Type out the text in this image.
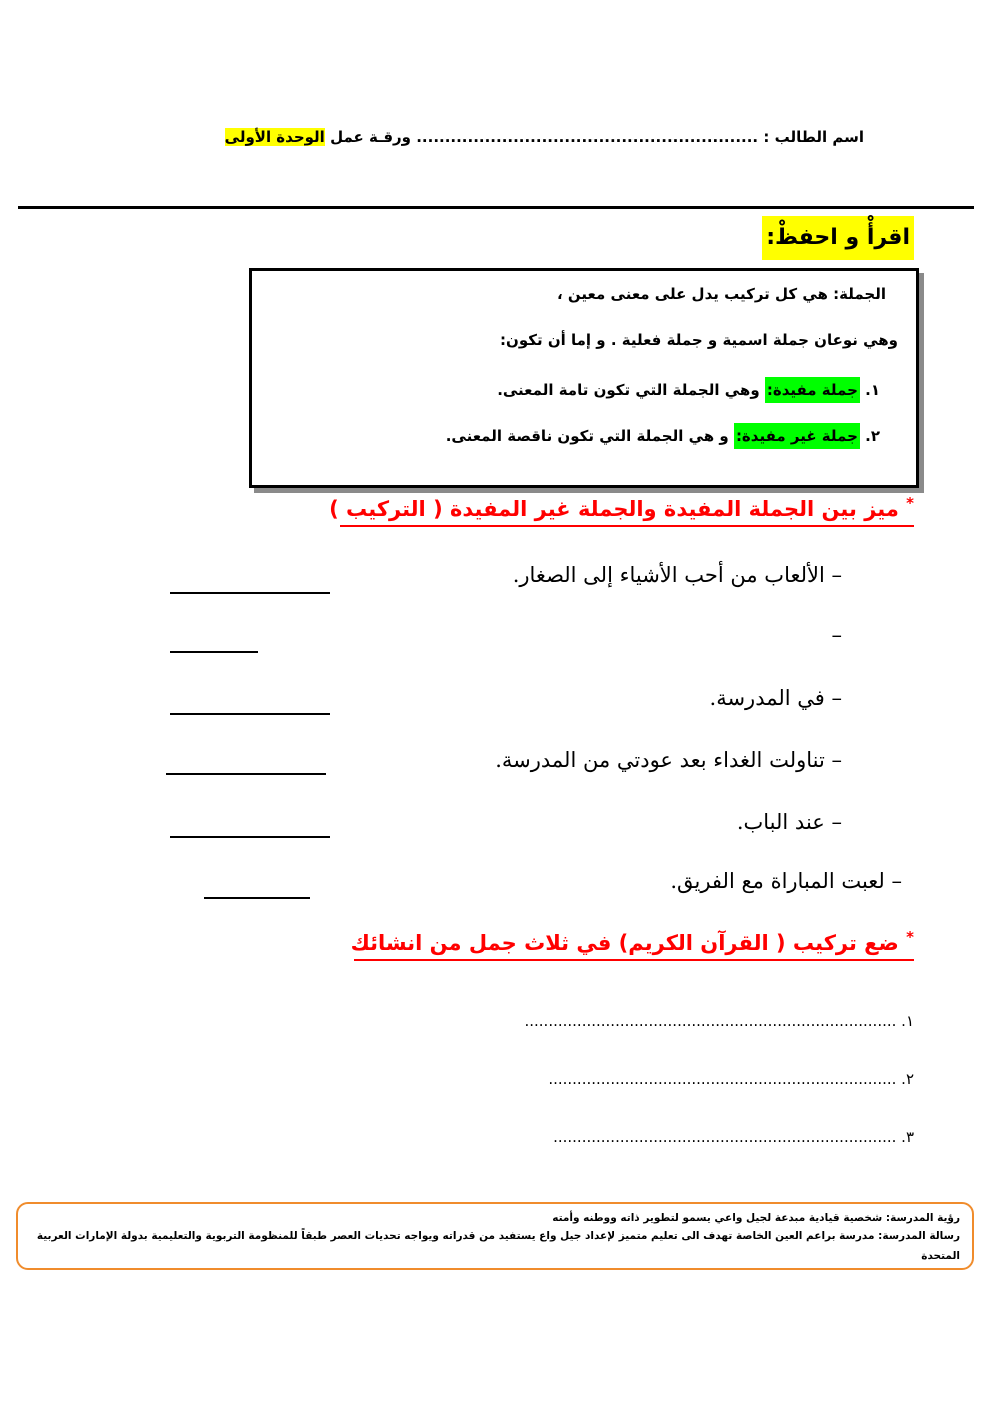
اسم الطالب : ............................................................ ورقـة عمل الوحدة الأولى
اقرأْ و احفظْ:
الجملة: هي كل تركيب يدل على معنى معين ،
وهي نوعان جملة اسمية و جملة فعلية . و إما أن تكون:
١. جملة مفيدة: وهي الجملة التي تكون تامة المعنى.
٢. جملة غير مفيدة: و هي الجملة التي تكون ناقصة المعنى.
* ميز بين الجملة المفيدة والجملة غير المفيدة ( التركيب )
– الألعاب من أحب الأشياء إلى الصغار.
–
– في المدرسة.
– تناولت الغداء بعد عودتي من المدرسة.
– عند الباب.
– لعبت المباراة مع الفريق.
* ضع تركيب ( القرآن الكريم) في ثلاث جمل من انشائك
١. ..............................................................................
٢. .........................................................................
٣. ........................................................................
رؤية المدرسة: شخصية قيادية مبدعة لجيل واعي يسمو لتطوير ذاته ووطنه وأمته
رسالة المدرسة: مدرسة براعم العين الخاصة تهدف الى تعليم متميز لإعداد جيل واع يستفيد من قدراته ويواجه تحديات العصر طبقاً للمنظومة التربوية والتعليمية بدولة الإمارات العربية
المتحدة
